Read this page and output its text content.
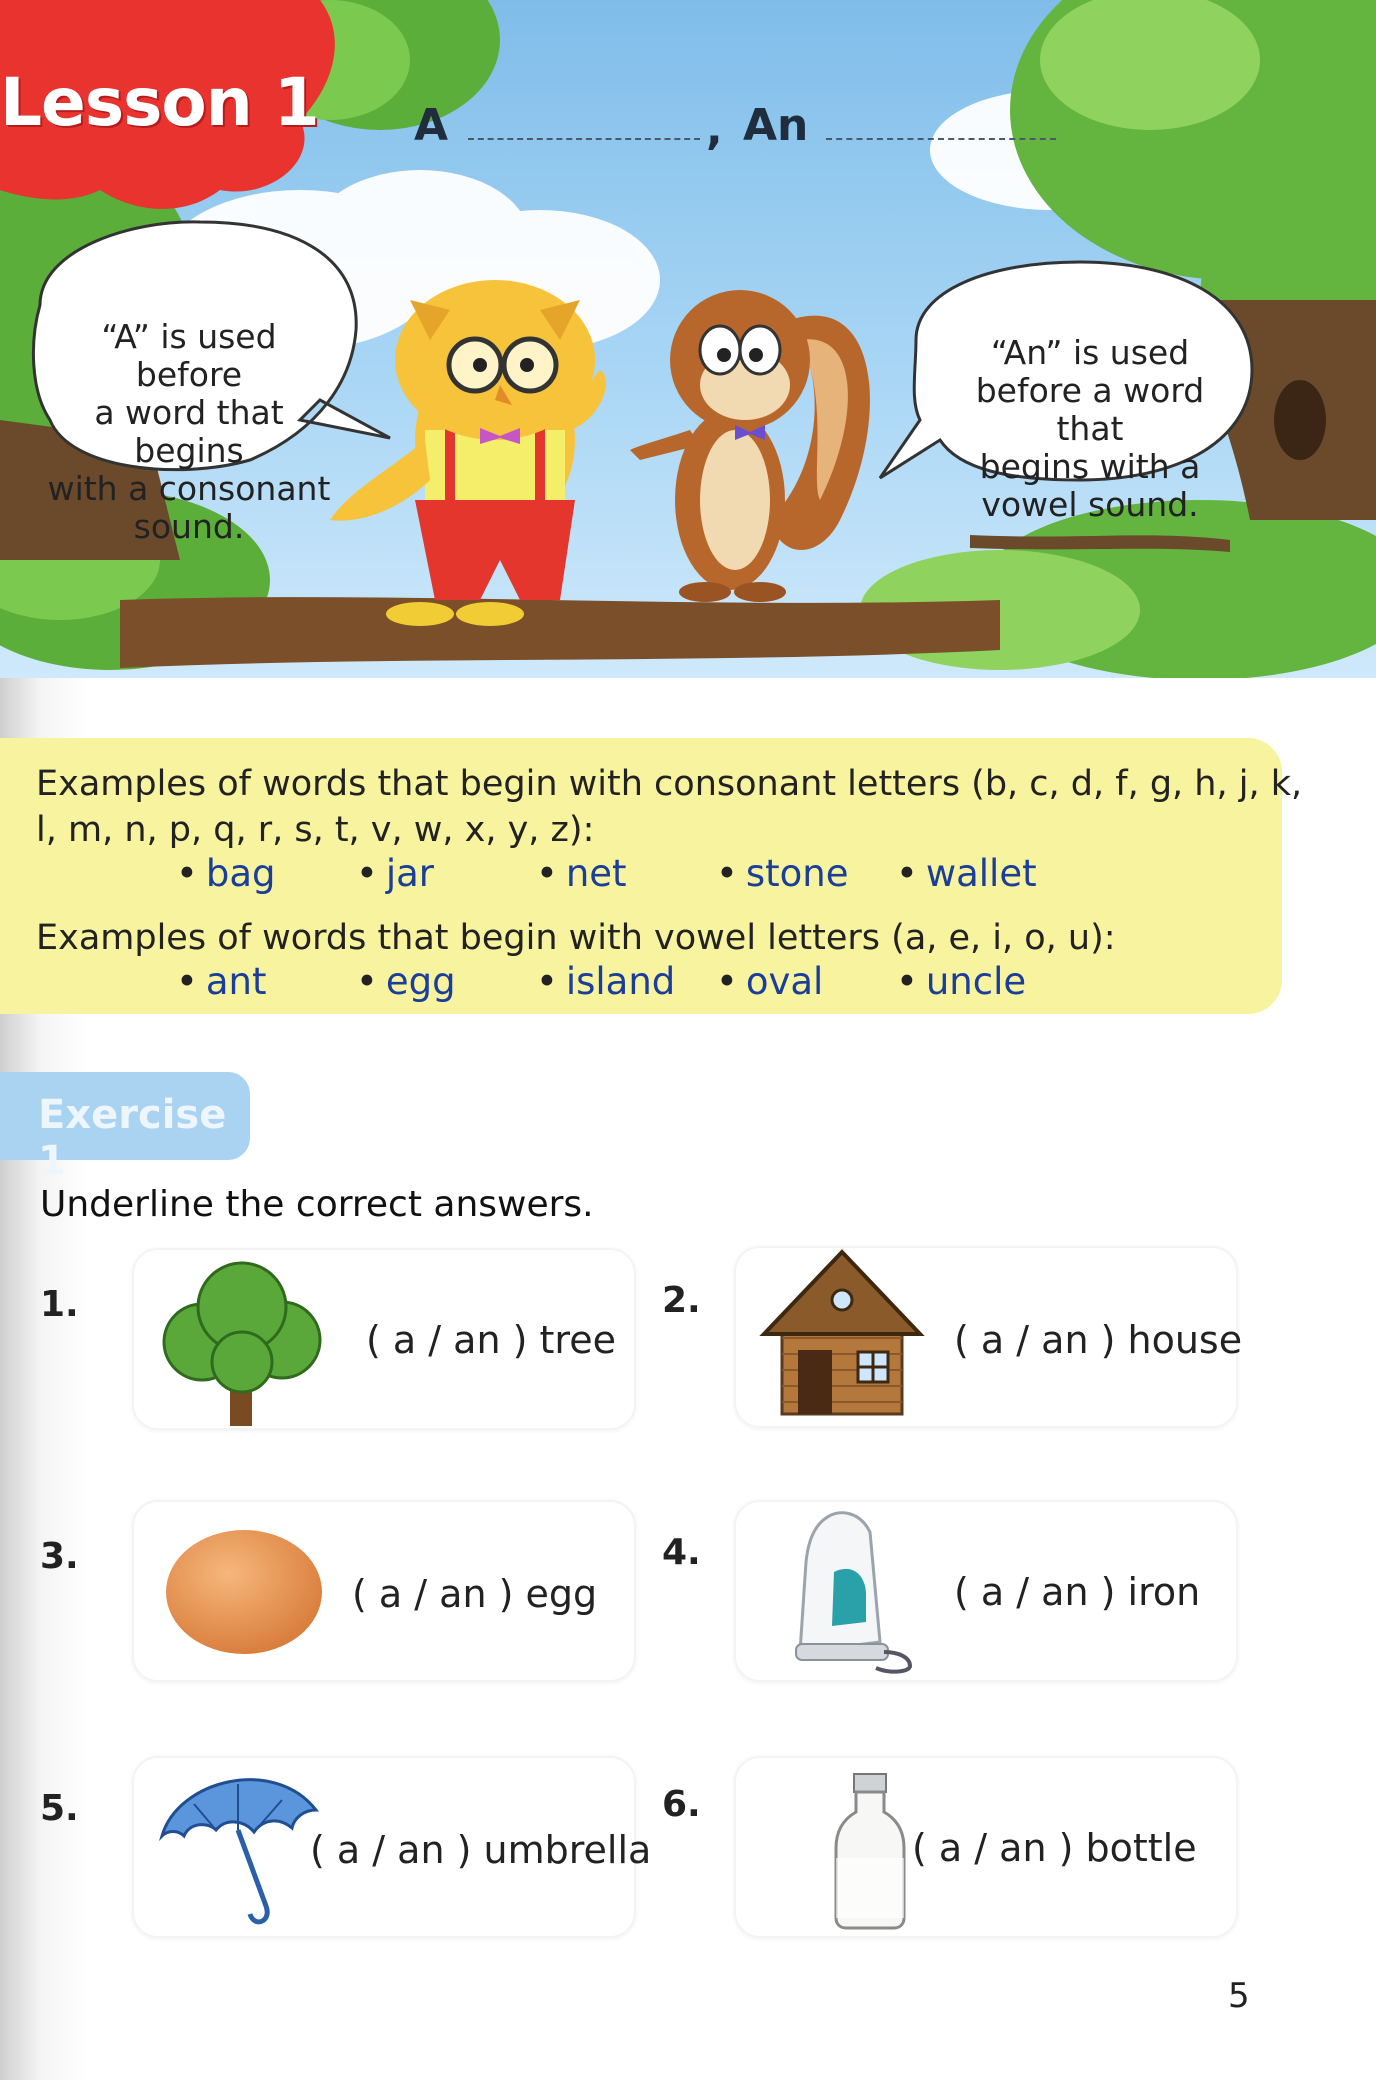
Lesson 1 A	, An
“A” is used before
a word that begins
with a consonant
sound.
“An” is used
before a word that
begins with a
vowel sound.
Examples of words that begin with consonant letters (b, c, d, f, g, h, j, k,
l, m, n, p, q, r, s, t, v, w, x, y, z):
• bag • jar	• net • stone • wallet
Examples of words that begin with vowel letters (a, e, i, o, u):
• ant • egg • island • oval • uncle
Exercise 1
Underline the correct answers.
1.
( a / an ) tree
2.
( a / an ) house
3.
( a / an ) egg
4.
( a / an ) iron
5.
( a / an ) umbrella
6.
( a / an ) bottle
5
